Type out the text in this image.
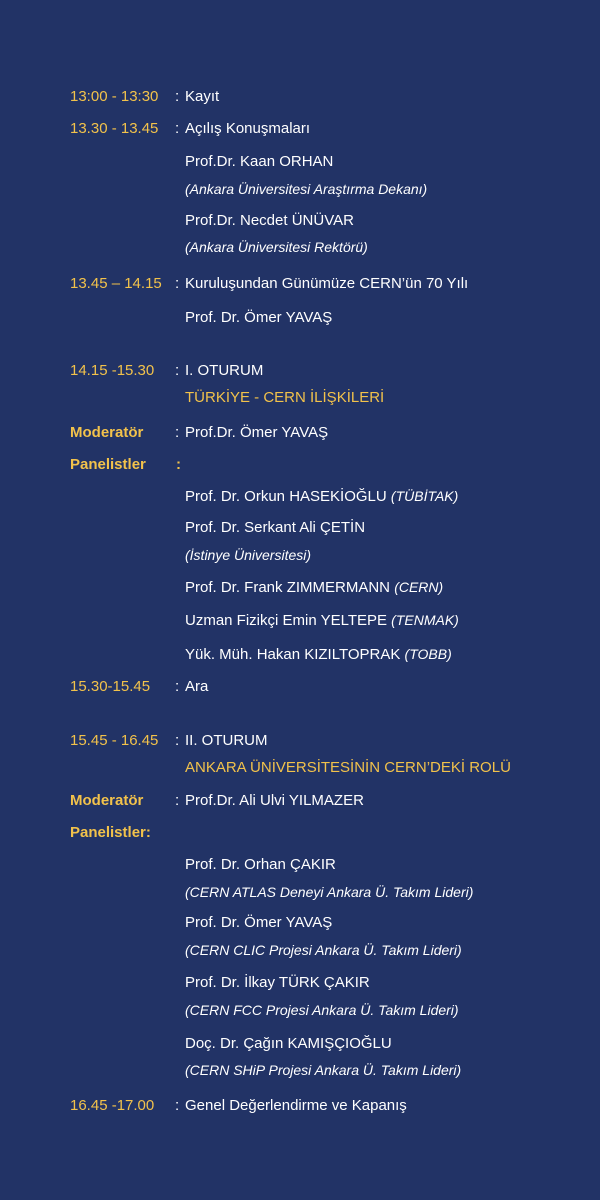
13:00 - 13:30 : Kayıt
13.30 - 13.45 : Açılış Konuşmaları
Prof.Dr. Kaan ORHAN
(Ankara Üniversitesi Araştırma Dekanı)
Prof.Dr. Necdet ÜNÜVAR
(Ankara Üniversitesi Rektörü)
13.45 – 14.15 : Kuruluşundan Günümüze CERN’ün 70 Yılı
Prof. Dr. Ömer YAVAŞ
14.15 -15.30 : I. OTURUM
TÜRKİYE - CERN İLİŞKİLERİ
Moderatör : Prof.Dr. Ömer YAVAŞ
Panelistler :
Prof. Dr. Orkun HASEKİOĞLU (TÜBİTAK)
Prof. Dr. Serkant Ali ÇETİN
(İstinye Üniversitesi)
Prof. Dr. Frank ZIMMERMANN (CERN)
Uzman Fizikçi Emin YELTEPE (TENMAK)
Yük. Müh. Hakan KIZILTOPRAK (TOBB)
15.30-15.45 : Ara
15.45 - 16.45 : II. OTURUM
ANKARA ÜNİVERSİTESİNİN CERN’DEKİ ROLÜ
Moderatör : Prof.Dr. Ali Ulvi YILMAZER
Panelistler:
Prof. Dr. Orhan ÇAKIR
(CERN ATLAS Deneyi Ankara Ü. Takım Lideri)
Prof. Dr. Ömer YAVAŞ
(CERN CLIC Projesi Ankara Ü. Takım Lideri)
Prof. Dr. İlkay TÜRK ÇAKIR
(CERN FCC Projesi Ankara Ü. Takım Lideri)
Doç. Dr. Çağın KAMIŞÇIOĞLU
(CERN SHiP Projesi Ankara Ü. Takım Lideri)
16.45 -17.00 : Genel Değerlendirme ve Kapanış
